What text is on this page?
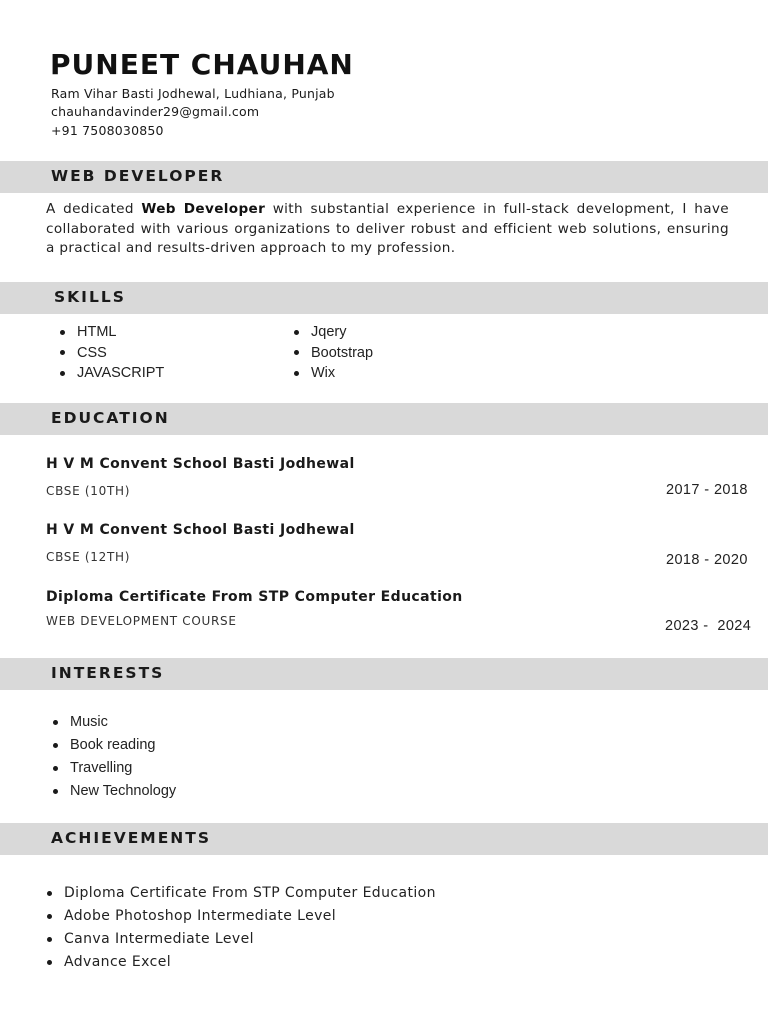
PUNEET CHAUHAN
Ram Vihar Basti Jodhewal, Ludhiana, Punjab
chauhandavinder29@gmail.com
+91 7508030850
WEB DEVELOPER

A dedicated Web Developer with substantial experience in full-stack development, I have collaborated with various organizations to deliver robust and efficient web solutions, ensuring a practical and results-driven approach to my profession.

SKILLS
HTML
CSS
JAVASCRIPT
Jqery
Bootstrap
Wix
EDUCATION
H V M Convent School Basti Jodhewal
CBSE (10TH)	2017 - 2018
H V M Convent School Basti Jodhewal
CBSE (12TH)	2018 - 2020
Diploma Certificate From STP Computer Education
WEB DEVELOPMENT COURSE	2023 -  2024
INTERESTS
Music
Book reading
Travelling
New Technology
ACHIEVEMENTS
Diploma Certificate From STP Computer Education
Adobe Photoshop Intermediate Level
Canva Intermediate Level
Advance Excel
